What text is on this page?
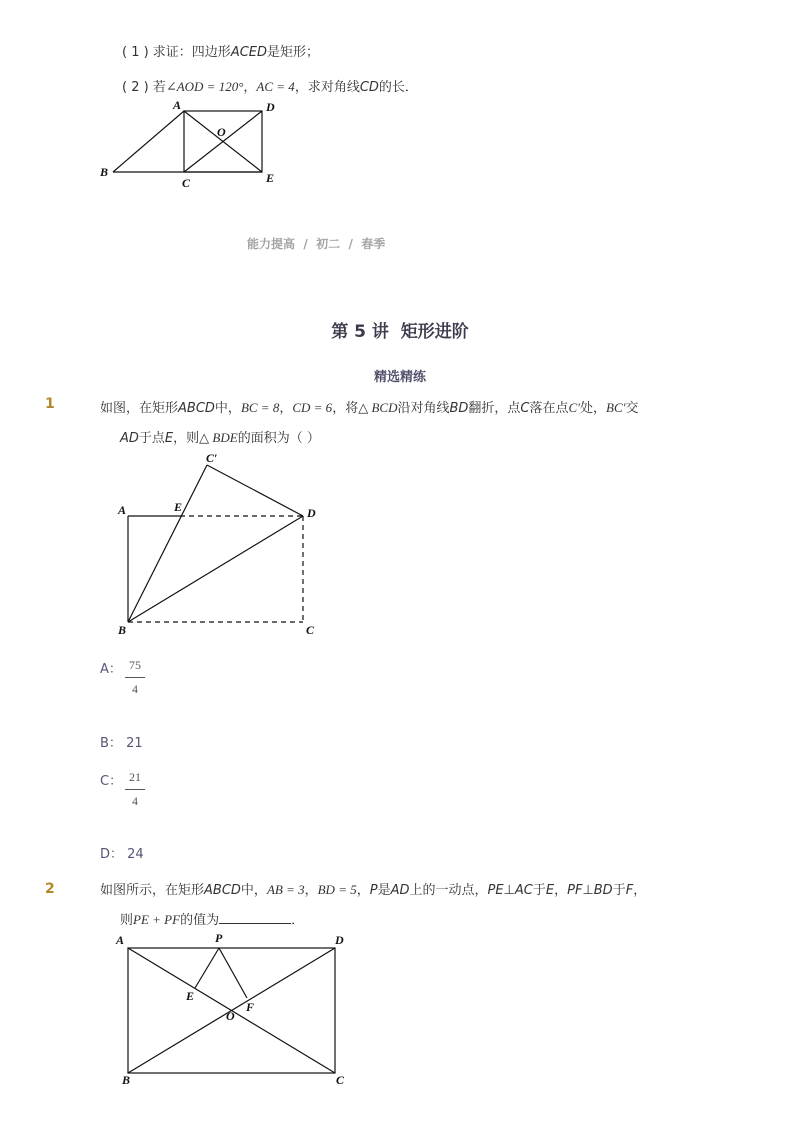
( 1 ) 求证：四边形ACED是矩形；
( 2 ) 若∠AOD = 120°，AC = 4，求对角线CD的长．
A	D
O
B
C	E
能力提高  /  初二  /  春季
第 5 讲  矩形进阶
精选精练
1	如图，在矩形ABCD中，BC = 8，CD = 6，将△ BCD沿对角线BD翻折，点C落在点C′处，BC′交
AD于点E，则△ BDE的面积为（ ）
C′
A	E	D
B	C
A： 75
4
B： 21
C： 21
4
D： 24
2	如图所示，在矩形ABCD中，AB = 3，BD = 5，P是AD上的一动点，PE⊥AC于E，PF⊥BD于F，
则PE + PF的值为	．
A	P	D
E
F
O
B	C
